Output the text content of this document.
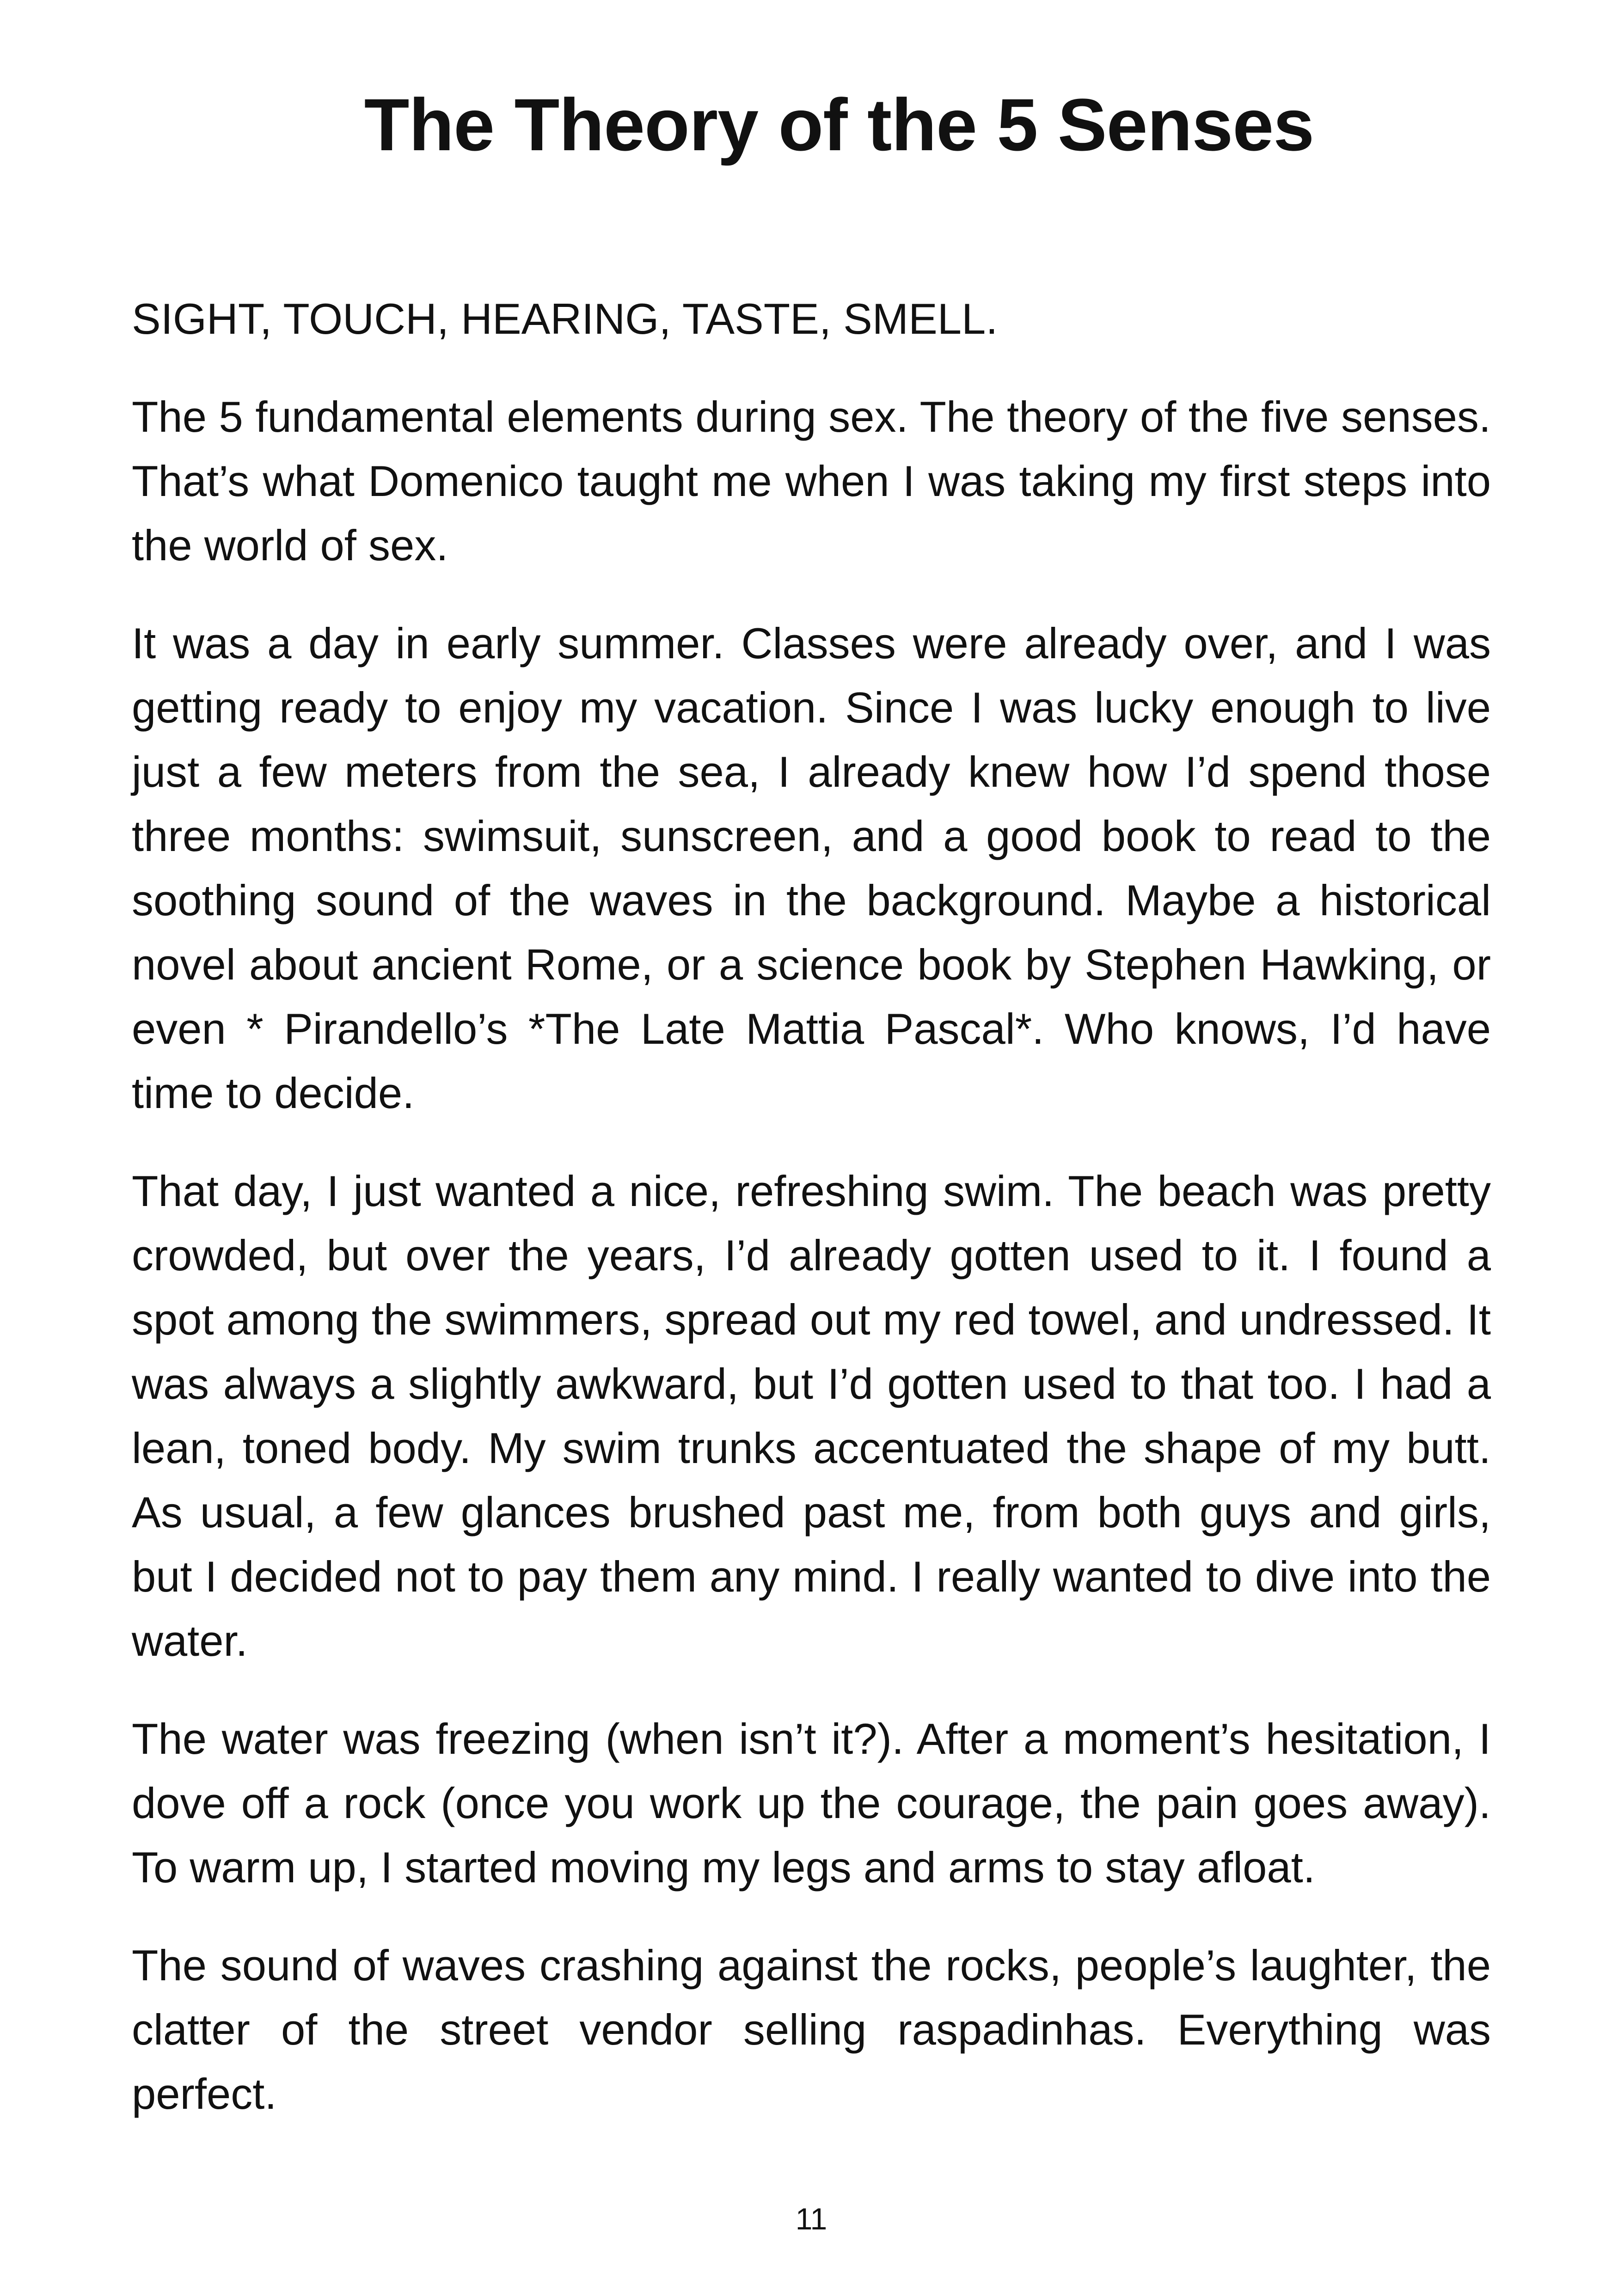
The Theory of the 5 Senses

SIGHT, TOUCH, HEARING, TASTE, SMELL.

The 5 fundamental elements during sex. The theory of the five senses. That’s what Domenico taught me when I was taking my first steps into the world of sex.

It was a day in early summer. Classes were already over, and I was getting ready to enjoy my vacation. Since I was lucky enough to live just a few meters from the sea, I already knew how I’d spend those three months: swimsuit, sunscreen, and a good book to read to the soothing sound of the waves in the background. Maybe a historical novel about ancient Rome, or a science book by Stephen Hawking, or even * Pirandello’s *The Late Mattia Pascal*. Who knows, I’d have time to decide.

That day, I just wanted a nice, refreshing swim. The beach was pretty crowded, but over the years, I’d already gotten used to it. I found a spot among the swimmers, spread out my red towel, and undressed. It was always a slightly awkward, but I’d gotten used to that too. I had a lean, toned body. My swim trunks accentuated the shape of my butt. As usual, a few glances brushed past me, from both guys and girls, but I decided not to pay them any mind. I really wanted to dive into the water.

The water was freezing (when isn’t it?). After a moment’s hesitation, I dove off a rock (once you work up the courage, the pain goes away). To warm up, I started moving my legs and arms to stay afloat.

The sound of waves crashing against the rocks, people’s laughter, the clatter of the street vendor selling raspadinhas. Everything was perfect.

11
